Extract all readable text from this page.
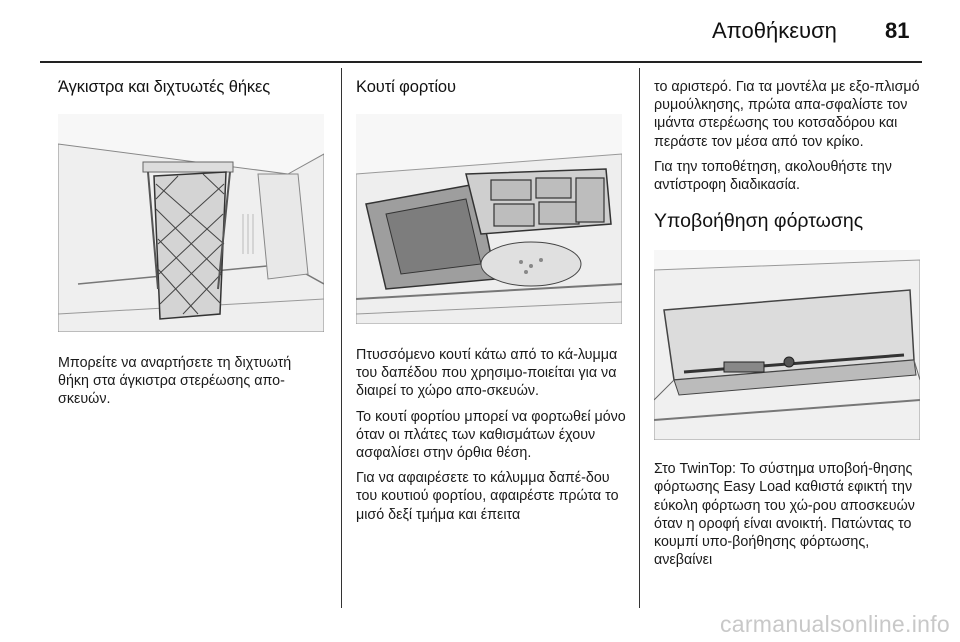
Αποθήκευση 81
Άγκιστρα και διχτυωτές θήκες

Μπορείτε να αναρτήσετε τη διχτυωτή θήκη στα άγκιστρα στερέωσης απο-σκευών.

Κουτί φορτίου

Πτυσσόμενο κουτί κάτω από το κά-λυμμα του δαπέδου που χρησιμο-ποιείται για να διαιρεί το χώρο απο-σκευών.

Το κουτί φορτίου μπορεί να φορτωθεί μόνο όταν οι πλάτες των καθισμάτων έχουν ασφαλίσει στην όρθια θέση.

Για να αφαιρέσετε το κάλυμμα δαπέ-δου του κουτιού φορτίου, αφαιρέστε πρώτα το μισό δεξί τμήμα και έπειτα

το αριστερό. Για τα μοντέλα με εξο-πλισμό ρυμούλκησης, πρώτα απα-σφαλίστε τον ιμάντα στερέωσης του κοτσαδόρου και περάστε τον μέσα από τον κρίκο.

Για την τοποθέτηση, ακολουθήστε την αντίστροφη διαδικασία.

Υποβοήθηση φόρτωσης

Στο TwinTop: Το σύστημα υποβοή-θησης φόρτωσης Easy Load καθιστά εφικτή την εύκολη φόρτωση του χώ-ρου αποσκευών όταν η οροφή είναι ανοικτή. Πατώντας το κουμπί υπο-βοήθησης φόρτωσης, ανεβαίνει

carmanualsonline.info
